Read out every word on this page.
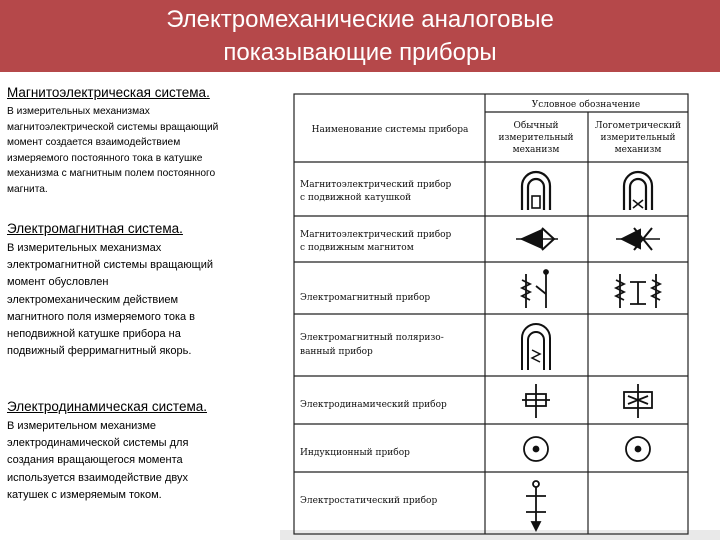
Электромеханические аналоговые
показывающие приборы

Магнитоэлектрическая система.

В измерительных механизмах
магнитоэлектрической системы вращающий
момент создается взаимодействием
измеряемого постоянного тока в катушке
механизма с магнитным полем постоянного
магнита.

Электромагнитная система.

В измерительных механизмах
электромагнитной системы вращающий
момент обусловлен
электромеханическим действием
магнитного поля измеряемого тока в
неподвижной катушке прибора на
подвижный ферримагнитный якорь.

Электродинамическая система.

В измерительном механизме
электродинамической системы для
создания вращающегося момента
используется взаимодействие двух
катушек с измеряемым током.
Условное обозначение
Наименование системы прибора	Обычный
измерительный
механизм
Логометрический
измерительный
механизм
Магнитоэлектрический прибор
с подвижной катушкой
Магнитоэлектрический прибор
с подвижным магнитом
Электромагнитный прибор
Электромагнитный поляризо-
ванный прибор
Электродинамический прибор
Индукционный прибор
Электростатический прибор
